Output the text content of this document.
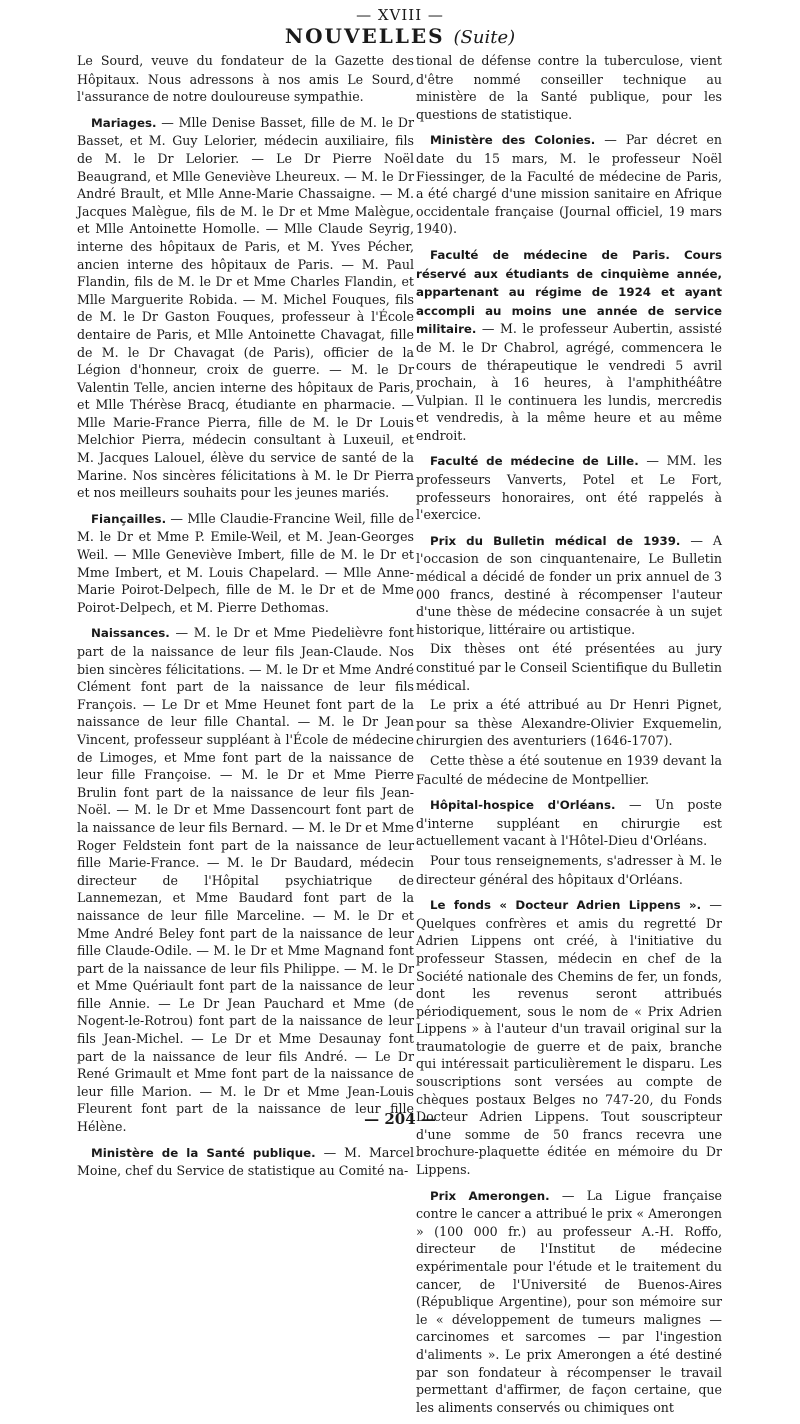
— XVIII —
NOUVELLES (Suite)

Le Sourd, veuve du fondateur de la Gazette des Hôpitaux. Nous adressons à nos amis Le Sourd, l'assurance de notre douloureuse sympathie.

Mariages. — Mlle Denise Basset, fille de M. le Dr Basset, et M. Guy Lelorier, médecin auxiliaire, fils de M. le Dr Lelorier. — Le Dr Pierre Noël Beaugrand, et Mlle Geneviève Lheureux. — M. le Dr André Brault, et Mlle Anne-Marie Chassaigne. — M. Jacques Malègue, fils de M. le Dr et Mme Malègue, et Mlle Antoinette Homolle. — Mlle Claude Seyrig, interne des hôpitaux de Paris, et M. Yves Pécher, ancien interne des hôpitaux de Paris. — M. Paul Flandin, fils de M. le Dr et Mme Charles Flandin, et Mlle Marguerite Robida. — M. Michel Fouques, fils de M. le Dr Gaston Fouques, professeur à l'École dentaire de Paris, et Mlle Antoinette Chavagat, fille de M. le Dr Chavagat (de Paris), officier de la Légion d'honneur, croix de guerre. — M. le Dr Valentin Telle, ancien interne des hôpitaux de Paris, et Mlle Thérèse Bracq, étudiante en pharmacie. — Mlle Marie-France Pierra, fille de M. le Dr Louis Melchior Pierra, médecin consultant à Luxeuil, et M. Jacques Lalouel, élève du service de santé de la Marine. Nos sincères félicitations à M. le Dr Pierra et nos meilleurs souhaits pour les jeunes mariés.

Fiançailles. — Mlle Claudie-Francine Weil, fille de M. le Dr et Mme P. Emile-Weil, et M. Jean-Georges Weil. — Mlle Geneviève Imbert, fille de M. le Dr et Mme Imbert, et M. Louis Chapelard. — Mlle Anne-Marie Poirot-Delpech, fille de M. le Dr et de Mme Poirot-Delpech, et M. Pierre Dethomas.

Naissances. — M. le Dr et Mme Piedelièvre font part de la naissance de leur fils Jean-Claude. Nos bien sincères félicitations. — M. le Dr et Mme André Clément font part de la naissance de leur fils François. — Le Dr et Mme Heunet font part de la naissance de leur fille Chantal. — M. le Dr Jean Vincent, professeur suppléant à l'École de médecine de Limoges, et Mme font part de la naissance de leur fille Françoise. — M. le Dr et Mme Pierre Brulin font part de la naissance de leur fils Jean-Noël. — M. le Dr et Mme Dassencourt font part de la naissance de leur fils Bernard. — M. le Dr et Mme Roger Feldstein font part de la naissance de leur fille Marie-France. — M. le Dr Baudard, médecin directeur de l'Hôpital psychiatrique de Lannemezan, et Mme Baudard font part de la naissance de leur fille Marceline. — M. le Dr et Mme André Beley font part de la naissance de leur fille Claude-Odile. — M. le Dr et Mme Magnand font part de la naissance de leur fils Philippe. — M. le Dr et Mme Quériault font part de la naissance de leur fille Annie. — Le Dr Jean Pauchard et Mme (de Nogent-le-Rotrou) font part de la naissance de leur fils Jean-Michel. — Le Dr et Mme Desaunay font part de la naissance de leur fils André. — Le Dr René Grimault et Mme font part de la naissance de leur fille Marion. — M. le Dr et Mme Jean-Louis Fleurent font part de la naissance de leur fille Hélène.

Ministère de la Santé publique. — M. Marcel Moine, chef du Service de statistique au Comité na-

tional de défense contre la tuberculose, vient d'être nommé conseiller technique au ministère de la Santé publique, pour les questions de statistique.

Ministère des Colonies. — Par décret en date du 15 mars, M. le professeur Noël Fiessinger, de la Faculté de médecine de Paris, a été chargé d'une mission sanitaire en Afrique occidentale française (Journal officiel, 19 mars 1940).

Faculté de médecine de Paris. Cours réservé aux étudiants de cinquième année, appartenant au régime de 1924 et ayant accompli au moins une année de service militaire. — M. le professeur Aubertin, assisté de M. le Dr Chabrol, agrégé, commencera le cours de thérapeutique le vendredi 5 avril prochain, à 16 heures, à l'amphithéâtre Vulpian. Il le continuera les lundis, mercredis et vendredis, à la même heure et au même endroit.

Faculté de médecine de Lille. — MM. les professeurs Vanverts, Potel et Le Fort, professeurs honoraires, ont été rappelés à l'exercice.

Prix du Bulletin médical de 1939. — A l'occasion de son cinquantenaire, Le Bulletin médical a décidé de fonder un prix annuel de 3 000 francs, destiné à récompenser l'auteur d'une thèse de médecine consacrée à un sujet historique, littéraire ou artistique.

Dix thèses ont été présentées au jury constitué par le Conseil Scientifique du Bulletin médical.

Le prix a été attribué au Dr Henri Pignet, pour sa thèse Alexandre-Olivier Exquemelin, chirurgien des aventuriers (1646-1707).

Cette thèse a été soutenue en 1939 devant la Faculté de médecine de Montpellier.

Hôpital-hospice d'Orléans. — Un poste d'interne suppléant en chirurgie est actuellement vacant à l'Hôtel-Dieu d'Orléans.

Pour tous renseignements, s'adresser à M. le directeur général des hôpitaux d'Orléans.

Le fonds « Docteur Adrien Lippens ». — Quelques confrères et amis du regretté Dr Adrien Lippens ont créé, à l'initiative du professeur Stassen, médecin en chef de la Société nationale des Chemins de fer, un fonds, dont les revenus seront attribués périodiquement, sous le nom de « Prix Adrien Lippens » à l'auteur d'un travail original sur la traumatologie de guerre et de paix, branche qui intéressait particulièrement le disparu. Les souscriptions sont versées au compte de chèques postaux Belges no 747-20, du Fonds Docteur Adrien Lippens. Tout souscripteur d'une somme de 50 francs recevra une brochure-plaquette éditée en mémoire du Dr Lippens.

Prix Amerongen. — La Ligue française contre le cancer a attribué le prix « Amerongen » (100 000 fr.) au professeur A.-H. Roffo, directeur de l'Institut de médecine expérimentale pour l'étude et le traitement du cancer, de l'Université de Buenos-Aires (République Argentine), pour son mémoire sur le « développement de tumeurs malignes — carcinomes et sarcomes — par l'ingestion d'aliments ». Le prix Amerongen a été destiné par son fondateur à récompenser le travail permettant d'affirmer, de façon certaine, que les aliments conservés ou chimiques ont

— 204 —
